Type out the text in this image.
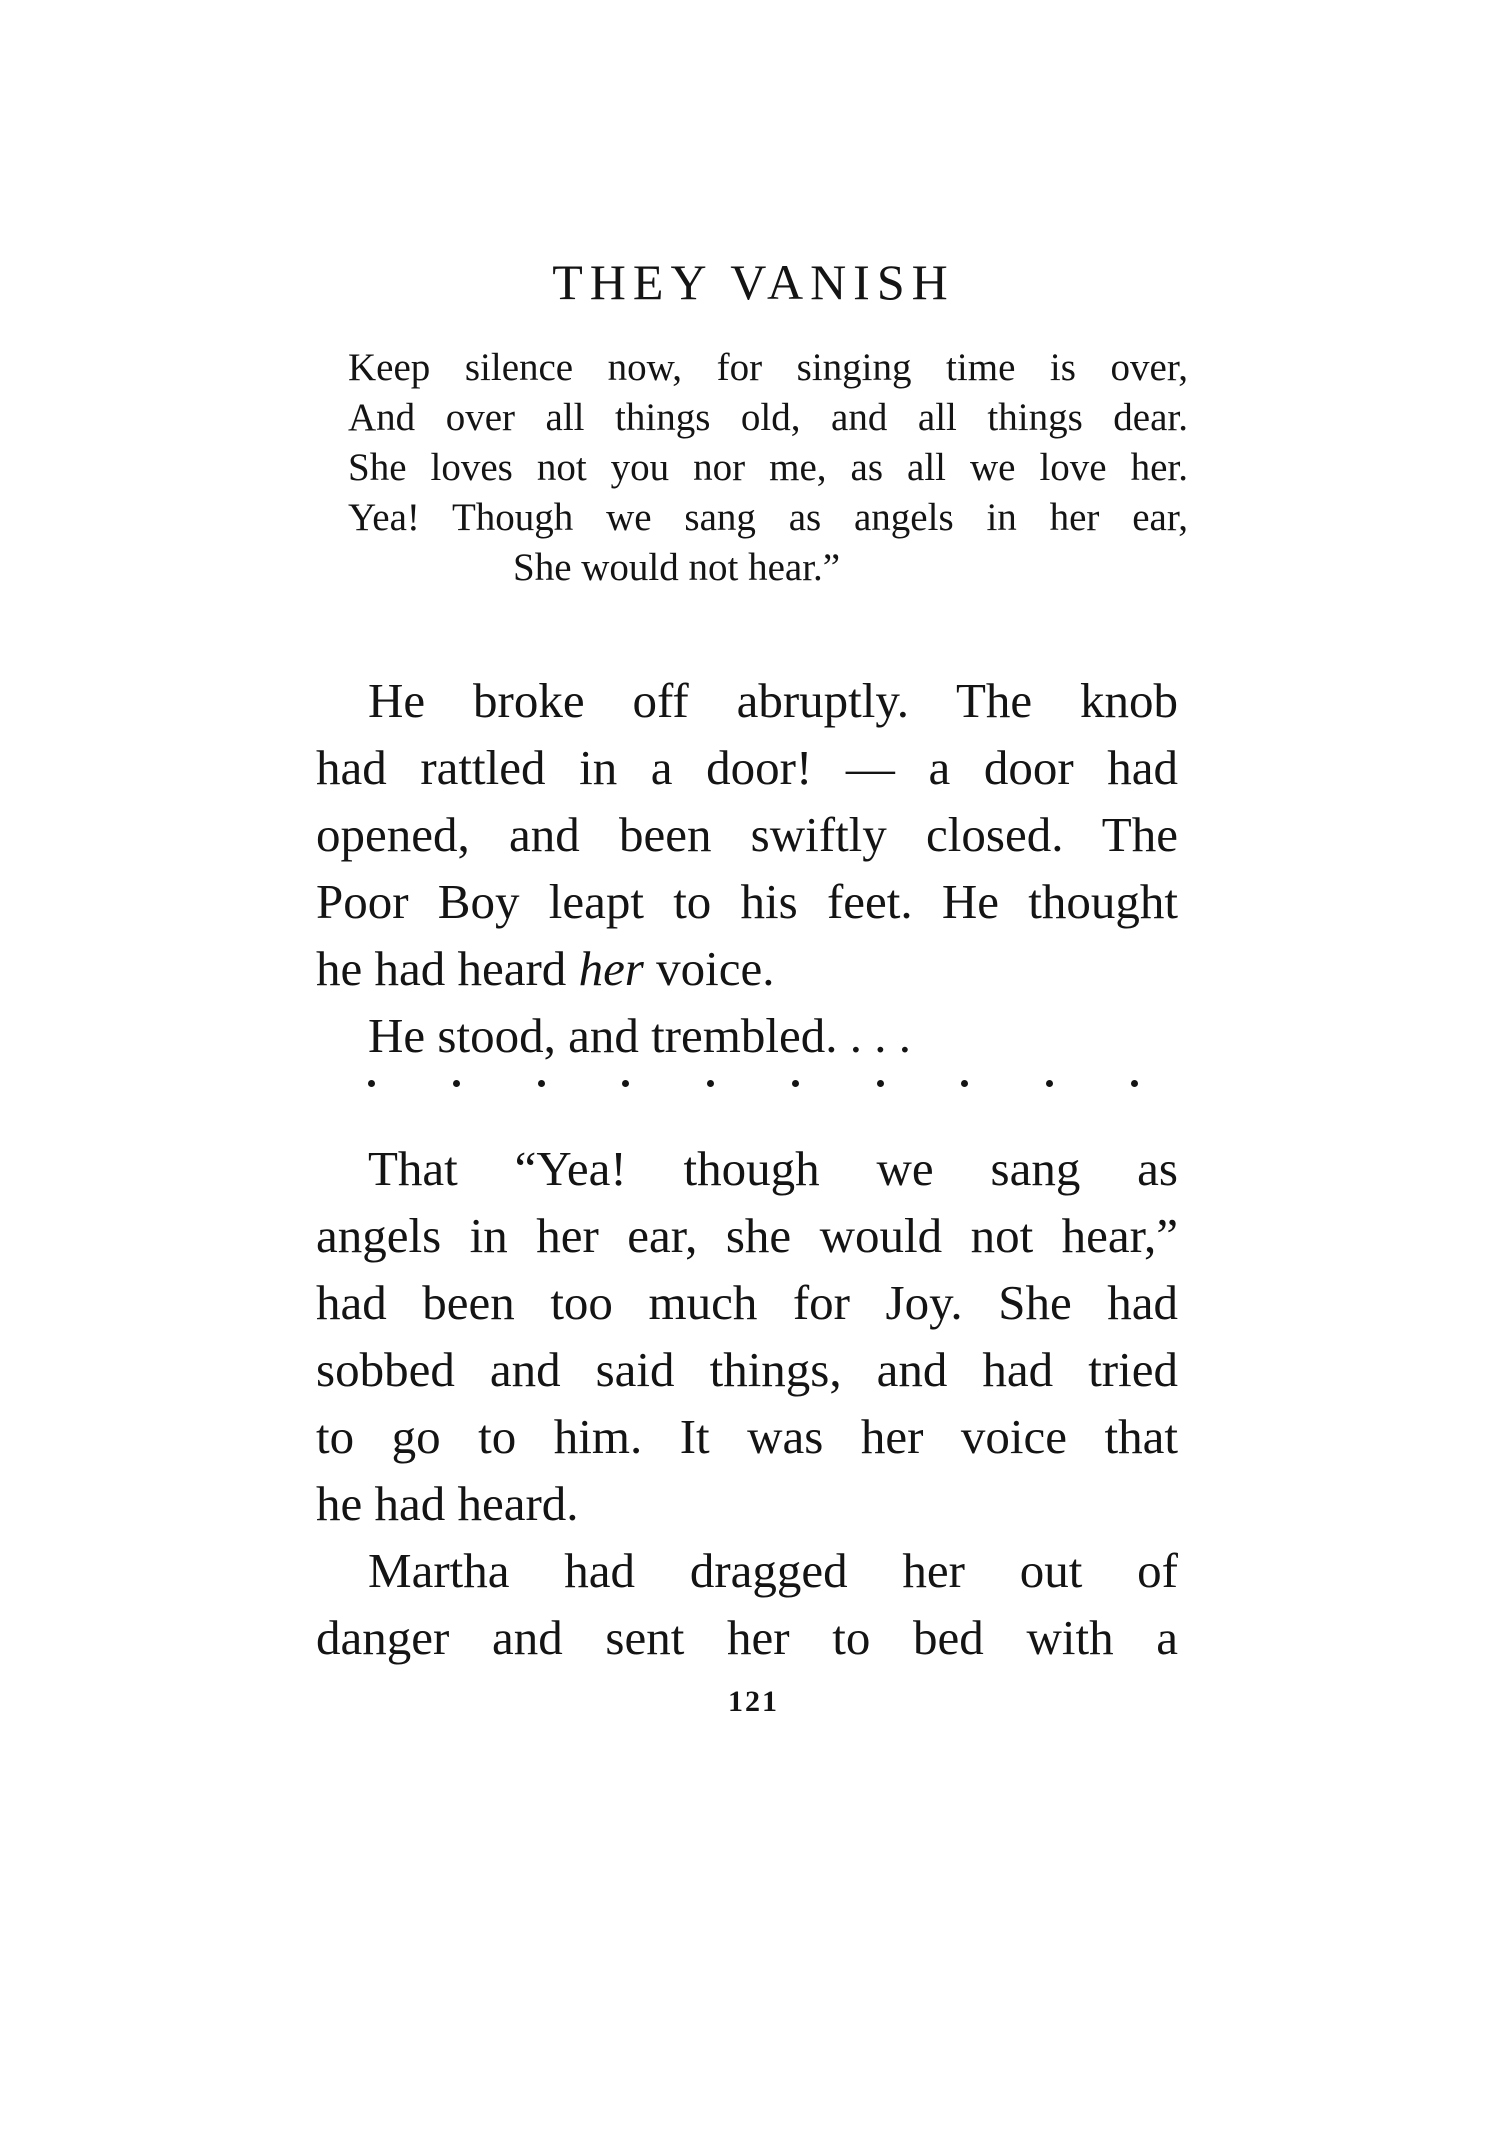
THEY VANISH
Keep silence now, for singing time is over,
And over all things old, and all things dear.
She loves not you nor me, as all we love her.
Yea! Though we sang as angels in her ear,
She would not hear.”
He broke off abruptly. The knob
had rattled in a door! — a door had
opened, and been swiftly closed. The
Poor Boy leapt to his feet. He thought
he had heard her voice.
He stood, and trembled. . . .
That “Yea! though we sang as
angels in her ear, she would not hear,”
had been too much for Joy. She had
sobbed and said things, and had tried
to go to him. It was her voice that
he had heard.
Martha had dragged her out of
danger and sent her to bed with a
121
